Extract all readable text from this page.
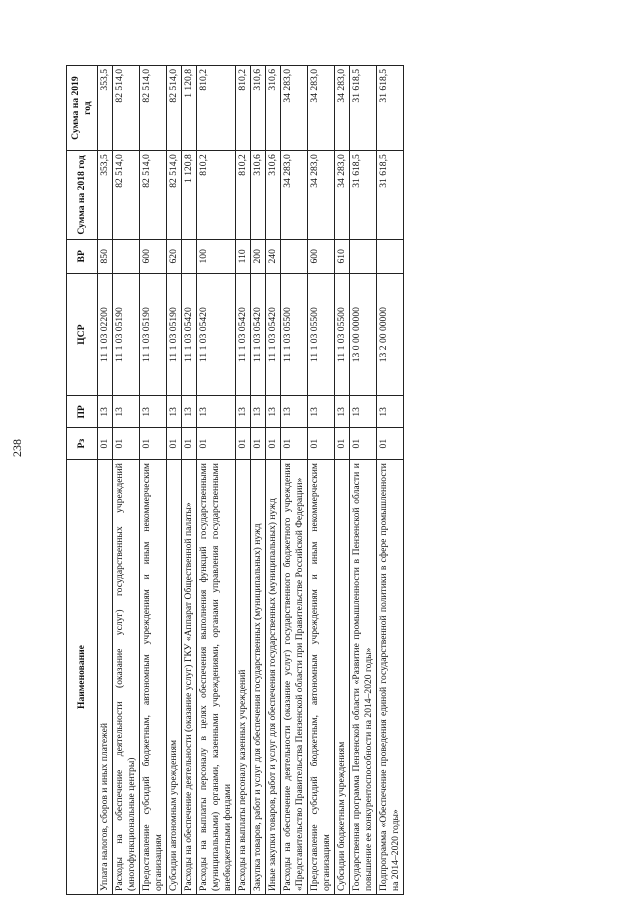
238
Наименование	Рз	ПР	ЦСР	ВР	Сумма на 2018 год	Сумма на 2019 год
Уплата налогов, сборов и иных платежей	01	13	11 1 03 02200	850	353,5	353,5
Расходы на обеспечение деятельности (оказание услуг) государственных учреждений (многофункциональные центры)	01	13	11 1 03 05190		82 514,0	82 514,0
Предоставление субсидий бюджетным, автономным учреждениям и иным некоммерческим организациям	01	13	11 1 03 05190	600	82 514,0	82 514,0
Субсидии автономным учреждениям	01	13	11 1 03 05190	620	82 514,0	82 514,0
Расходы на обеспечение деятельности (оказание услуг) ГКУ «Аппарат Общественной палаты»	01	13	11 1 03 05420		1 120,8	1 120,8
Расходы на выплаты персоналу в целях обеспечения выполнения функций государственными (муниципальными) органами, казенными учреждениями, органами управления государственными внебюджетными фондами	01	13	11 1 03 05420	100	810,2	810,2
Расходы на выплаты персоналу казенных учреждений	01	13	11 1 03 05420	110	810,2	810,2
Закупка товаров, работ и услуг для обеспечения государственных (муниципальных) нужд	01	13	11 1 03 05420	200	310,6	310,6
Иные закупки товаров, работ и услуг для обеспечения государственных (муниципальных) нужд	01	13	11 1 03 05420	240	310,6	310,6
Расходы на обеспечение деятельности (оказание услуг) государственного бюджетного учреждения «Представительство Правительства Пензенской области при Правительстве Российской Федерации»	01	13	11 1 03 05500		34 283,0	34 283,0
Предоставление субсидий бюджетным, автономным учреждениям и иным некоммерческим организациям	01	13	11 1 03 05500	600	34 283,0	34 283,0
Субсидии бюджетным учреждениям	01	13	11 1 03 05500	610	34 283,0	34 283,0
Государственная программа Пензенской области «Развитие промышленности в Пензенской области и повышение ее конкурентоспособности на 2014–2020 годы»	01	13	13 0 00 00000		31 618,5	31 618,5
Подпрограмма «Обеспечение проведения единой государственной политики в сфере промышленности на 2014–2020 годы»	01	13	13 2 00 00000		31 618,5	31 618,5
